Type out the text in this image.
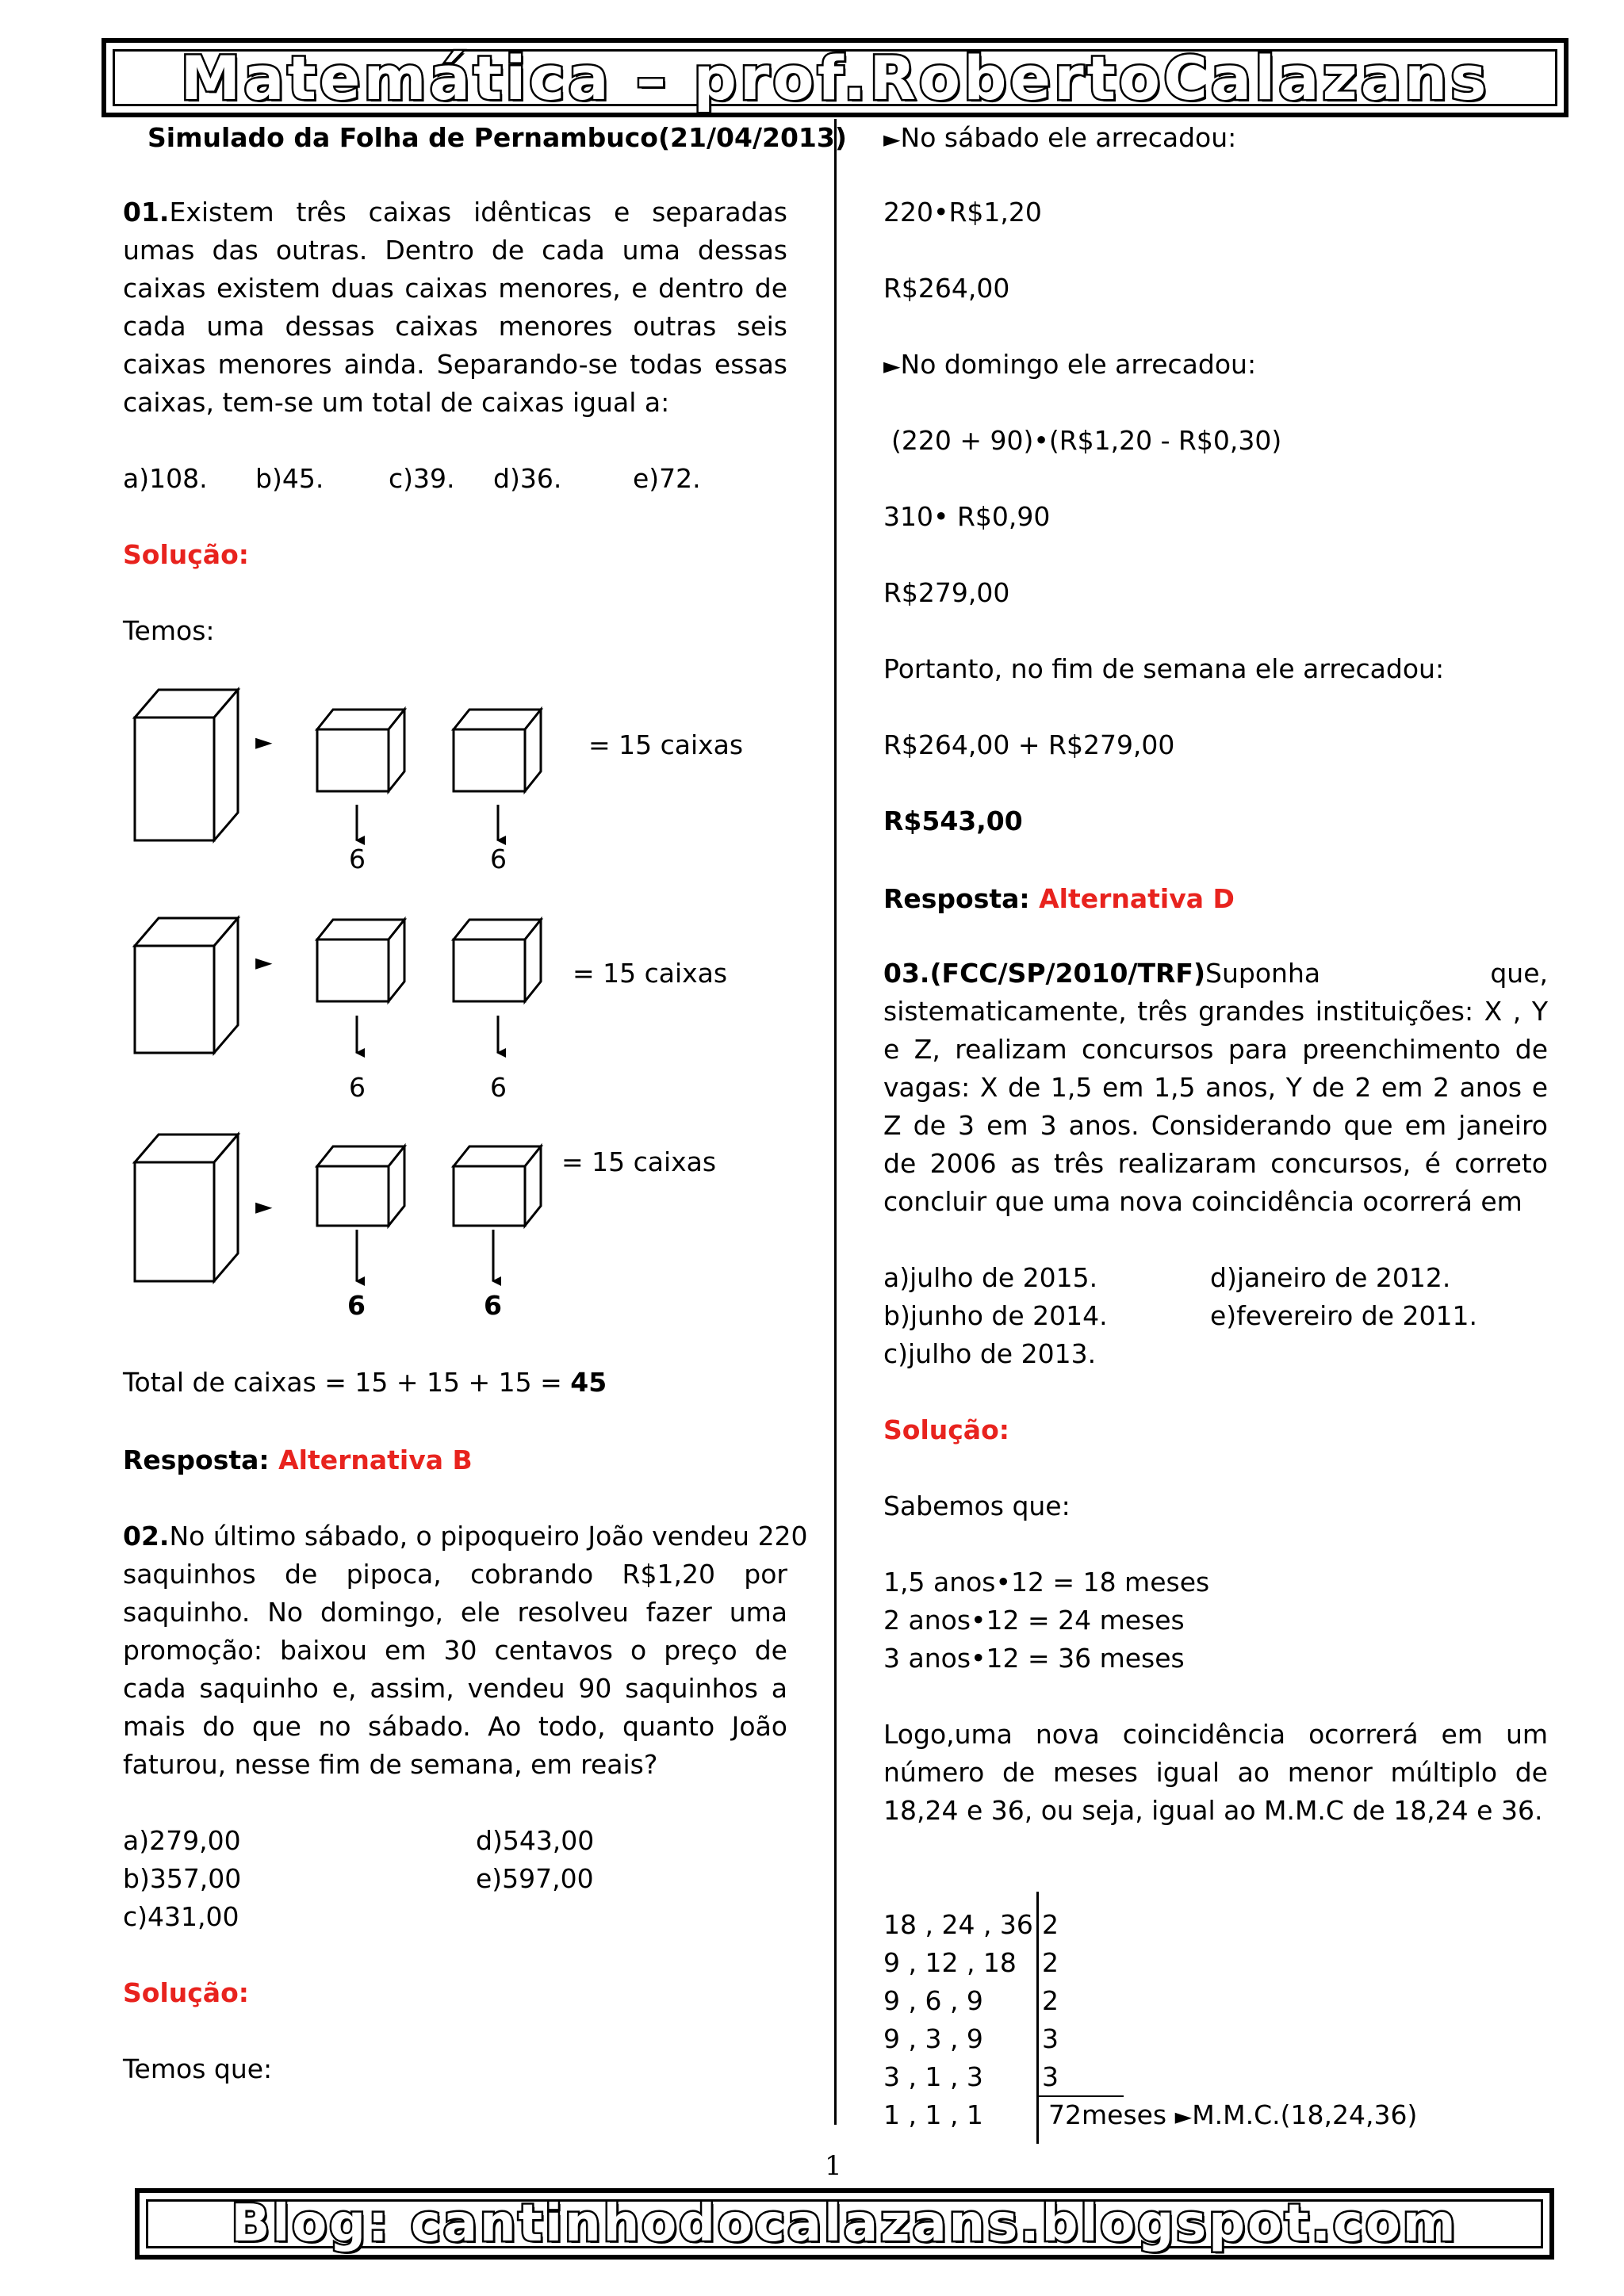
Matemática – prof.RobertoCalazans
Simulado da Folha de Pernambuco(21/04/2013)
01.Existem três caixas idênticas e separadas umas das outras. Dentro de cada uma dessas caixas existem duas caixas menores, e dentro de cada uma dessas caixas menores outras seis caixas menores ainda. Separando-se todas essas caixas, tem-se um total de caixas igual a:
a)108. b)45. c)39. d)36.	e)72.
Solução:
Temos:
►	= 15 caixas
6	6
►	= 15 caixas
6	6
►
= 15 caixas
6	6
Total de caixas = 15 + 15 + 15 = 45
Resposta: Alternativa B
02.No último sábado, o pipoqueiro João vendeu 220
saquinhos de pipoca, cobrando R$1,20 por saquinho. No domingo, ele resolveu fazer uma promoção: baixou em 30 centavos o preço de cada saquinho e, assim, vendeu 90 saquinhos a mais do que no sábado. Ao todo, quanto João faturou, nesse fim de semana, em reais?
a)279,00
b)357,00
c)431,00
d)543,00
e)597,00
Solução:
Temos que:
►No sábado ele arrecadou:
220•R$1,20
R$264,00
►No domingo ele arrecadou:
(220 + 90)•(R$1,20 - R$0,30)
310• R$0,90
R$279,00
Portanto, no fim de semana ele arrecadou:
R$264,00 + R$279,00
R$543,00
Resposta: Alternativa D
03.(FCC/SP/2010/TRF)Suponha	que,
sistematicamente, três grandes instituições: X , Y e Z, realizam concursos para preenchimento de vagas: X de 1,5 em 1,5 anos, Y de 2 em 2 anos e Z de 3 em 3 anos. Considerando que em janeiro de 2006 as três realizaram concursos, é correto concluir que uma nova coincidência ocorrerá em
a)julho de 2015.
b)junho de 2014.
c)julho de 2013.
d)janeiro de 2012.
e)fevereiro de 2011.
Solução:
Sabemos que:
1,5 anos•12 = 18 meses
2 anos•12 = 24 meses
3 anos•12 = 36 meses
Logo,uma nova coincidência ocorrerá em um número de meses igual ao menor múltiplo de 18,24 e 36, ou seja, igual ao M.M.C de 18,24 e 36.
18 , 24 , 36 2
9 , 12 , 18 2
9 , 6 , 9 2
9 , 3 , 9 3
3 , 1 , 3 3
1 , 1 , 1 72meses ►M.M.C.(18,24,36)
1
Blog: cantinhodocalazans.blogspot.com
